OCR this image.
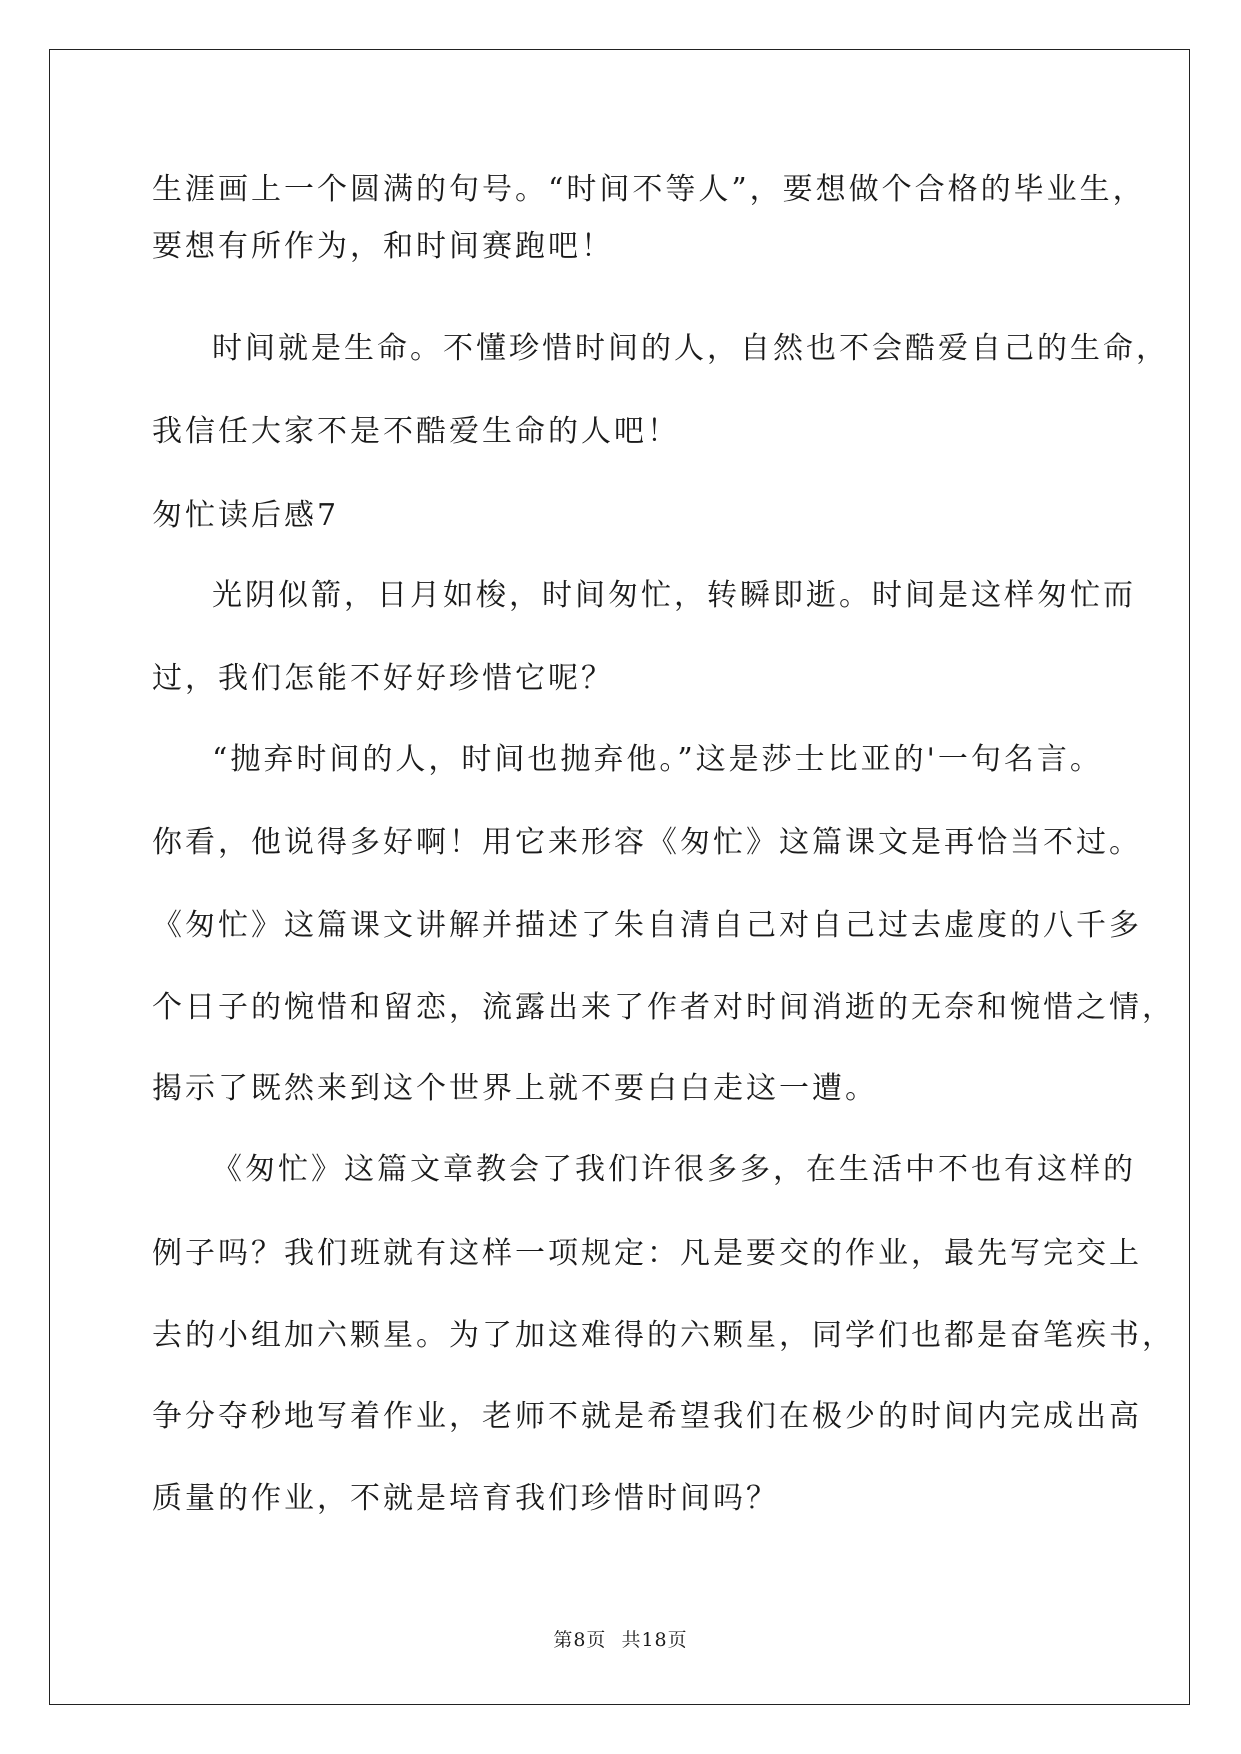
生涯画上一个圆满的句号。“时间不等人”，要想做个合格的毕业生，
要想有所作为，和时间赛跑吧！
时间就是生命。不懂珍惜时间的人，自然也不会酷爱自己的生命，
我信任大家不是不酷爱生命的人吧！
匆忙读后感7
光阴似箭，日月如梭，时间匆忙，转瞬即逝。时间是这样匆忙而
过，我们怎能不好好珍惜它呢？
“抛弃时间的人，时间也抛弃他。”这是莎士比亚的'一句名言。
你看，他说得多好啊！用它来形容《匆忙》这篇课文是再恰当不过。
《匆忙》这篇课文讲解并描述了朱自清自己对自己过去虚度的八千多
个日子的惋惜和留恋，流露出来了作者对时间消逝的无奈和惋惜之情，
揭示了既然来到这个世界上就不要白白走这一遭。
《匆忙》这篇文章教会了我们许很多多，在生活中不也有这样的
例子吗？我们班就有这样一项规定：凡是要交的作业，最先写完交上
去的小组加六颗星。为了加这难得的六颗星，同学们也都是奋笔疾书，
争分夺秒地写着作业，老师不就是希望我们在极少的时间内完成出高
质量的作业，不就是培育我们珍惜时间吗？
第8页 共18页
